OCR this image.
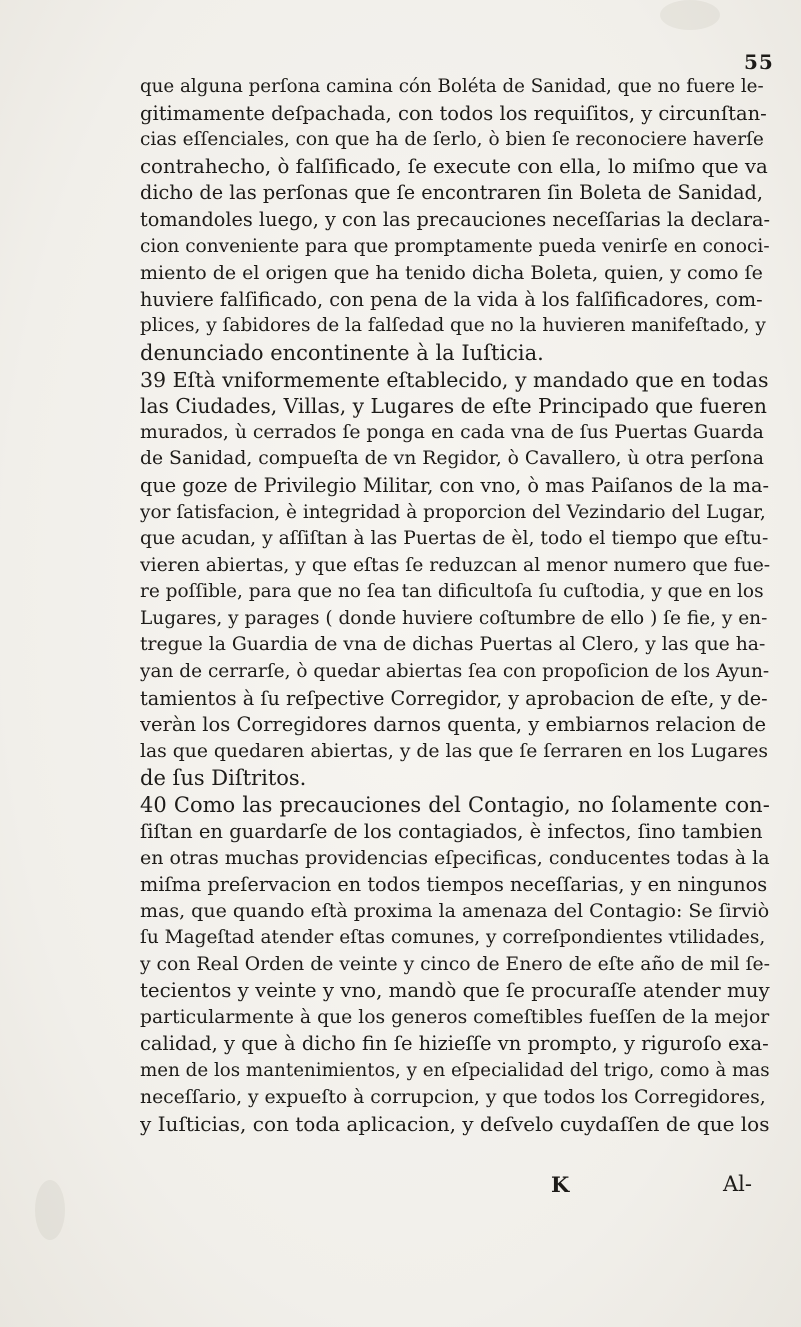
55
que alguna perſona camina cón Boléta de Sanidad, que no fuere le-
gitimamente deſpachada, con todos los requiſitos, y circunſtan-
cias eſſenciales, con que ha de ſerlo, ò bien ſe reconociere haverſe
contrahecho, ò falſificado, ſe execute con ella, lo miſmo que va
dicho de las perſonas que ſe encontraren ſin Boleta de Sanidad,
tomandoles luego, y con las precauciones neceſſarias la declara-
cion conveniente para que promptamente pueda venirſe en conoci-
miento de el origen que ha tenido dicha Boleta, quien, y como ſe
huviere falſificado, con pena de la vida à los falſificadores, com-
plices, y ſabidores de la falſedad que no la huvieren manifeſtado, y
denunciado encontinente à la Iuſticia.
39 Eſtà vniformemente eſtablecido, y mandado que en todas
las Ciudades, Villas, y Lugares de eſte Principado que fueren
murados, ù cerrados ſe ponga en cada vna de ſus Puertas Guarda
de Sanidad, compueſta de vn Regidor, ò Cavallero, ù otra perſona
que goze de Privilegio Militar, con vno, ò mas Paiſanos de la ma-
yor ſatisfacion, è integridad à proporcion del Vezindario del Lugar,
que acudan, y aſſiſtan à las Puertas de èl, todo el tiempo que eſtu-
vieren abiertas, y que eſtas ſe reduzcan al menor numero que fue-
re poſſible, para que no ſea tan dificultoſa ſu cuſtodia, y que en los
Lugares, y parages ( donde huviere coſtumbre de ello ) ſe fie, y en-
tregue la Guardia de vna de dichas Puertas al Clero, y las que ha-
yan de cerrarſe, ò quedar abiertas ſea con propoſicion de los Ayun-
tamientos à ſu reſpective Corregidor, y aprobacion de eſte, y de-
veràn los Corregidores darnos quenta, y embiarnos relacion de
las que quedaren abiertas, y de las que ſe ſerraren en los Lugares
de ſus Diſtritos.
40 Como las precauciones del Contagio, no ſolamente con-
ſiſtan en guardarſe de los contagiados, è infectos, ſino tambien
en otras muchas providencias eſpecificas, conducentes todas à la
miſma preſervacion en todos tiempos neceſſarias, y en ningunos
mas, que quando eſtà proxima la amenaza del Contagio: Se ſirviò
ſu Mageſtad atender eſtas comunes, y correſpondientes vtilidades,
y con Real Orden de veinte y cinco de Enero de eſte año de mil ſe-
tecientos y veinte y vno, mandò que ſe procuraſſe atender muy
particularmente à que los generos comeſtibles fueſſen de la mejor
calidad, y que à dicho fin ſe hizieſſe vn prompto, y riguroſo exa-
men de los mantenimientos, y en eſpecialidad del trigo, como à mas
neceſſario, y expueſto à corrupcion, y que todos los Corregidores,
y Iuſticias, con toda aplicacion, y deſvelo cuydaſſen de que los
K	Al-
